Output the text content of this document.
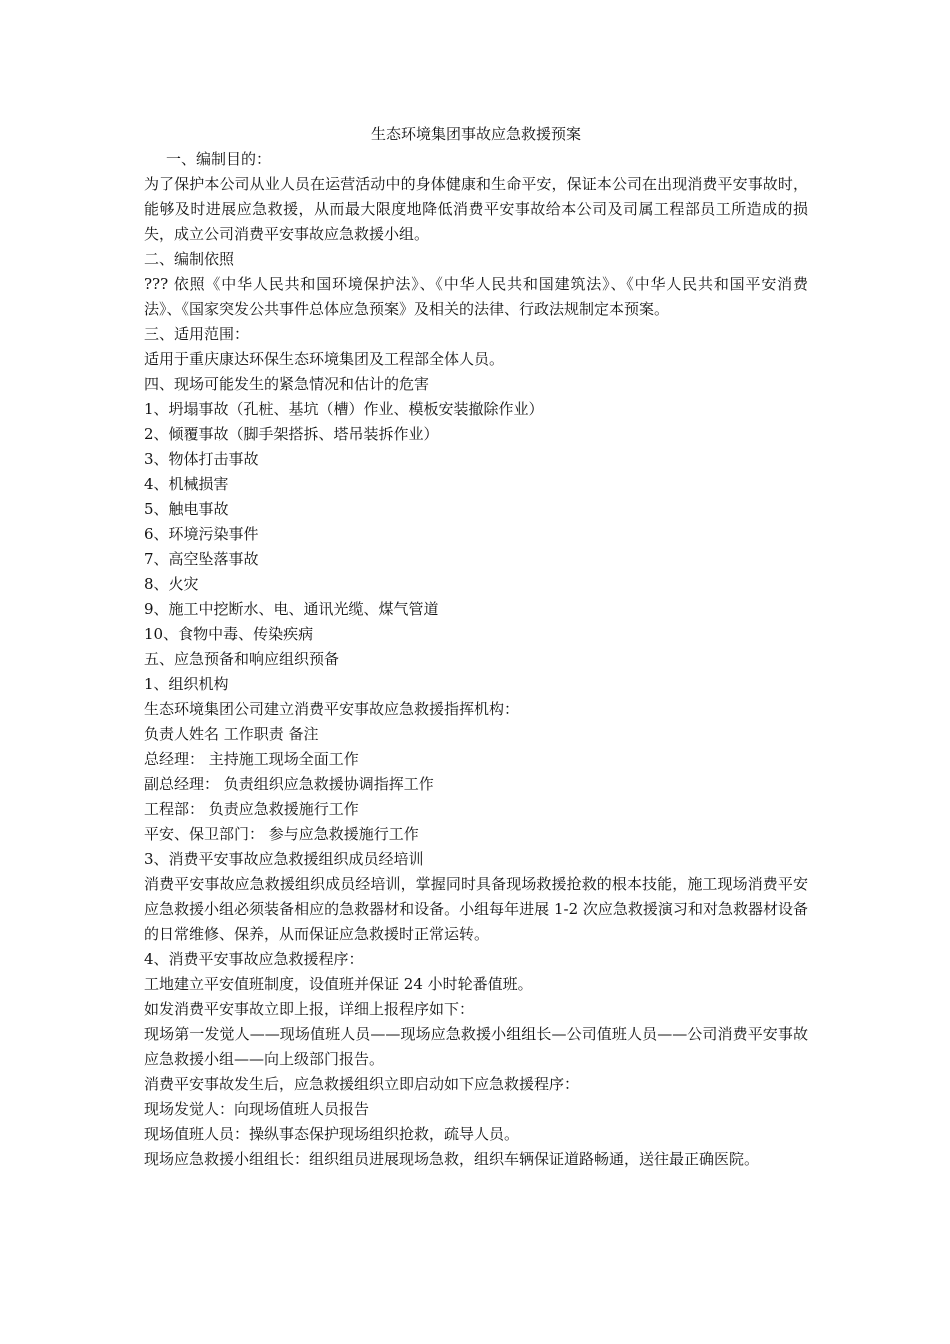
生态环境集团事故应急救援预案

一、编制目的：

为了保护本公司从业人员在运营活动中的身体健康和生命平安，保证本公司在出现消费平安事故时，能够及时进展应急救援，从而最大限度地降低消费平安事故给本公司及司属工程部员工所造成的损失，成立公司消费平安事故应急救援小组。

二、编制依照

??? 依照《中华人民共和国环境保护法》、《中华人民共和国建筑法》、《中华人民共和国平安消费法》、《国家突发公共事件总体应急预案》及相关的法律、行政法规制定本预案。

三、适用范围：

适用于重庆康达环保生态环境集团及工程部全体人员。

四、现场可能发生的紧急情况和估计的危害

1、坍塌事故（孔桩、基坑（槽）作业、模板安装撤除作业）

2、倾覆事故（脚手架搭拆、塔吊装拆作业）

3、物体打击事故

4、机械损害

5、触电事故

6、环境污染事件

7、高空坠落事故

8、火灾

9、施工中挖断水、电、通讯光缆、煤气管道

10、食物中毒、传染疾病

五、应急预备和响应组织预备

1、组织机构

生态环境集团公司建立消费平安事故应急救援指挥机构：

负责人姓名 工作职责 备注

总经理： 主持施工现场全面工作

副总经理： 负责组织应急救援协调指挥工作

工程部： 负责应急救援施行工作

平安、保卫部门： 参与应急救援施行工作

3、消费平安事故应急救援组织成员经培训

消费平安事故应急救援组织成员经培训，掌握同时具备现场救援抢救的根本技能，施工现场消费平安应急救援小组必须装备相应的急救器材和设备。小组每年进展 1-2 次应急救援演习和对急救器材设备的日常维修、保养，从而保证应急救援时正常运转。

4、消费平安事故应急救援程序：

工地建立平安值班制度，设值班并保证 24 小时轮番值班。

如发消费平安事故立即上报，详细上报程序如下：

现场第一发觉人——现场值班人员——现场应急救援小组组长—公司值班人员——公司消费平安事故应急救援小组——向上级部门报告。

消费平安事故发生后，应急救援组织立即启动如下应急救援程序：

现场发觉人：向现场值班人员报告

现场值班人员：操纵事态保护现场组织抢救，疏导人员。

现场应急救援小组组长：组织组员进展现场急救，组织车辆保证道路畅通，送往最正确医院。
